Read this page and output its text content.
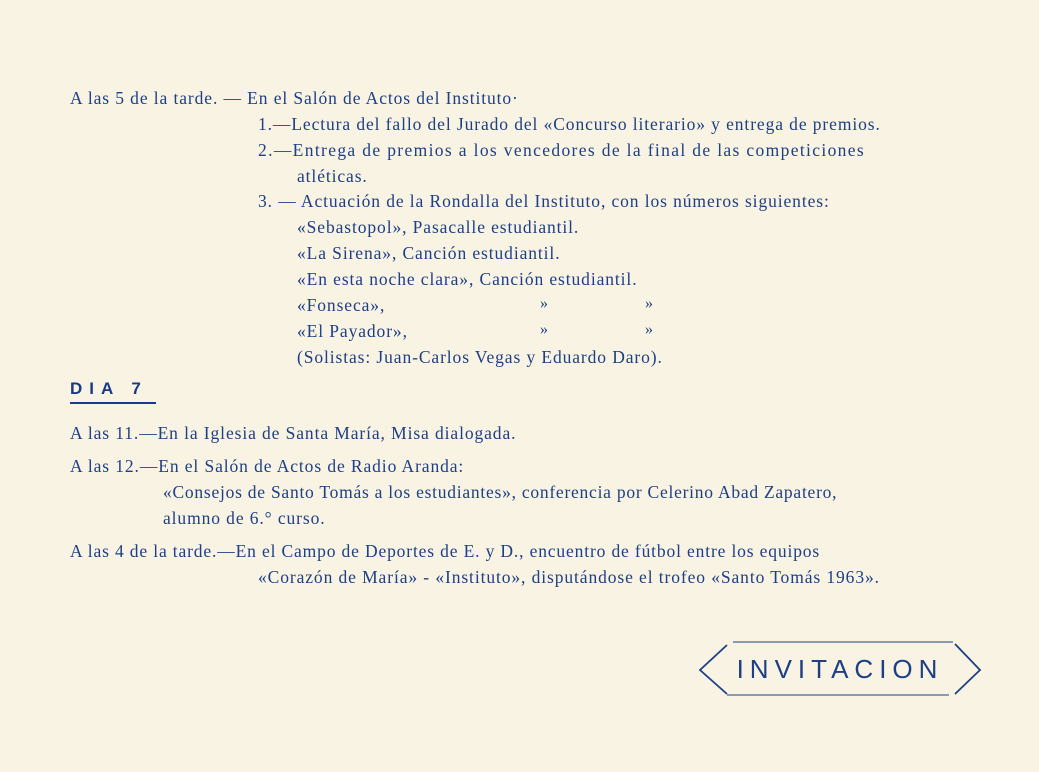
A las 5 de la tarde. — En el Salón de Actos del Instituto·
1.—Lectura del fallo del Jurado del «Concurso literario» y entrega de premios.
2.—Entrega de premios a los vencedores de la final de las competiciones
atléticas.
3. — Actuación de la Rondalla del Instituto, con los números siguientes:
«Sebastopol», Pasacalle estudiantil.
«La Sirena», Canción estudiantil.
«En esta noche clara», Canción estudiantil.
«Fonseca»,	»	»
«El Payador»,	»	»
(Solistas: Juan-Carlos Vegas y Eduardo Daro).
DIA 7
A las 11.—En la Iglesia de Santa María, Misa dialogada.
A las 12.—En el Salón de Actos de Radio Aranda:
«Consejos de Santo Tomás a los estudiantes», conferencia por Celerino Abad Zapatero,
alumno de 6.° curso.
A las 4 de la tarde.—En el Campo de Deportes de E. y D., encuentro de fútbol entre los equipos
«Corazón de María» - «Instituto», disputándose el trofeo «Santo Tomás 1963».
INVITACION
